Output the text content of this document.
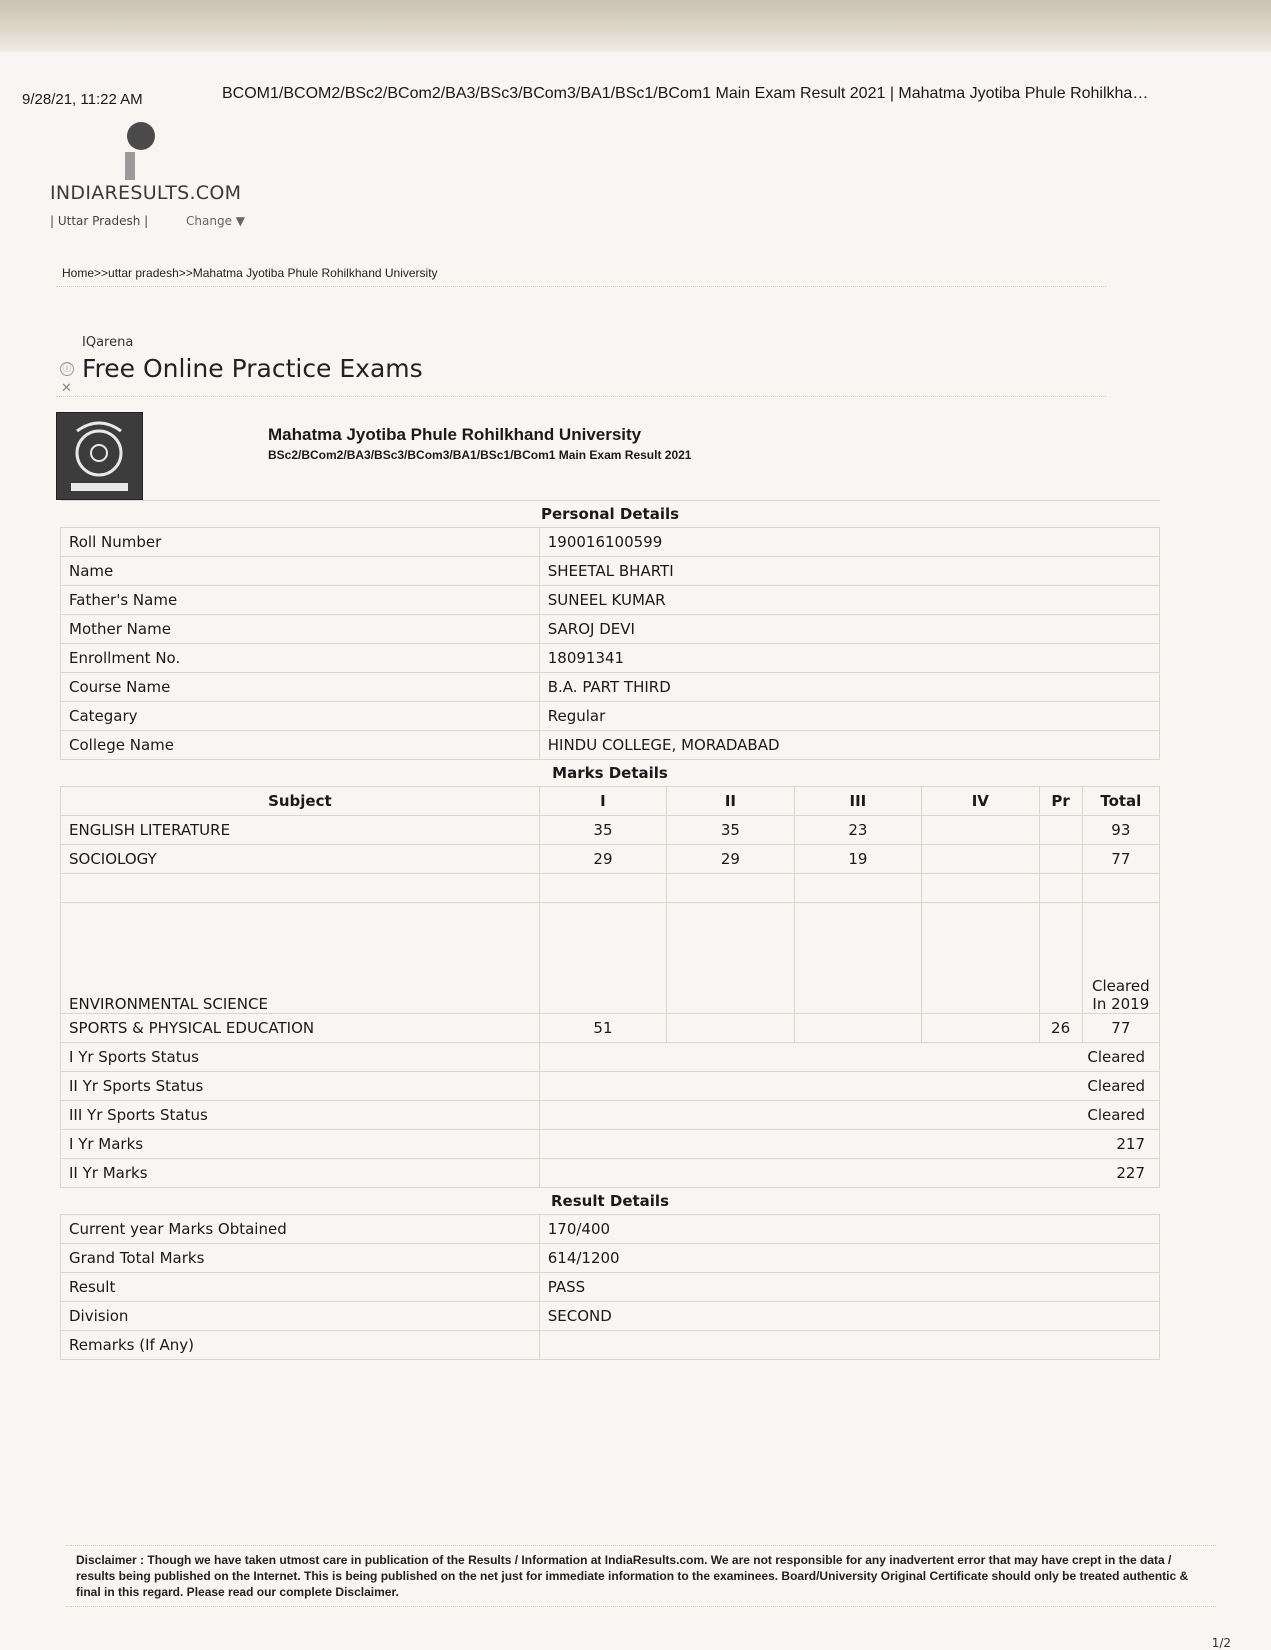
9/28/21, 11:22 AM	BCOM1/BCOM2/BSc2/BCom2/BA3/BSc3/BCom3/BA1/BSc1/BCom1 Main Exam Result 2021 | Mahatma Jyotiba Phule Rohilkha…
INDIARESULTS.COM
| Uttar Pradesh |	Change ▼
Home>>uttar pradesh>>Mahatma Jyotiba Phule Rohilkhand University
IQarena
Free Online Practice Exams
ⓘ
✕
Mahatma Jyotiba Phule Rohilkhand University
BSc2/BCom2/BA3/BSc3/BCom3/BA1/BSc1/BCom1 Main Exam Result 2021
Personal Details						
Roll Number	190016100599					
Name	SHEETAL BHARTI					
Father's Name	SUNEEL KUMAR					
Mother Name	SAROJ DEVI					
Enrollment No.	18091341					
Course Name	B.A. PART THIRD					
Categary	Regular					
College Name	HINDU COLLEGE, MORADABAD					
Marks Details						
Subject	I	II	III	IV	Pr	Total
ENGLISH LITERATURE	35	35	23			93
SOCIOLOGY	29	29	19			77

ENVIRONMENTAL SCIENCE						Cleared In 2019
SPORTS & PHYSICAL EDUCATION	51				26	77
I Yr Sports Status	Cleared					
II Yr Sports Status	Cleared					
III Yr Sports Status	Cleared					
I Yr Marks	217					
II Yr Marks	227					
Result Details						
Current year Marks Obtained	170/400					
Grand Total Marks	614/1200					
Result	PASS					
Division	SECOND					
Remarks (If Any)						
Disclaimer : Though we have taken utmost care in publication of the Results / Information at IndiaResults.com. We are not responsible for any inadvertent error that may have crept in the data / results being published on the Internet. This is being published on the net just for immediate information to the examinees. Board/University Original Certificate should only be treated authentic & final in this regard. Please read our complete Disclaimer.
1/2
